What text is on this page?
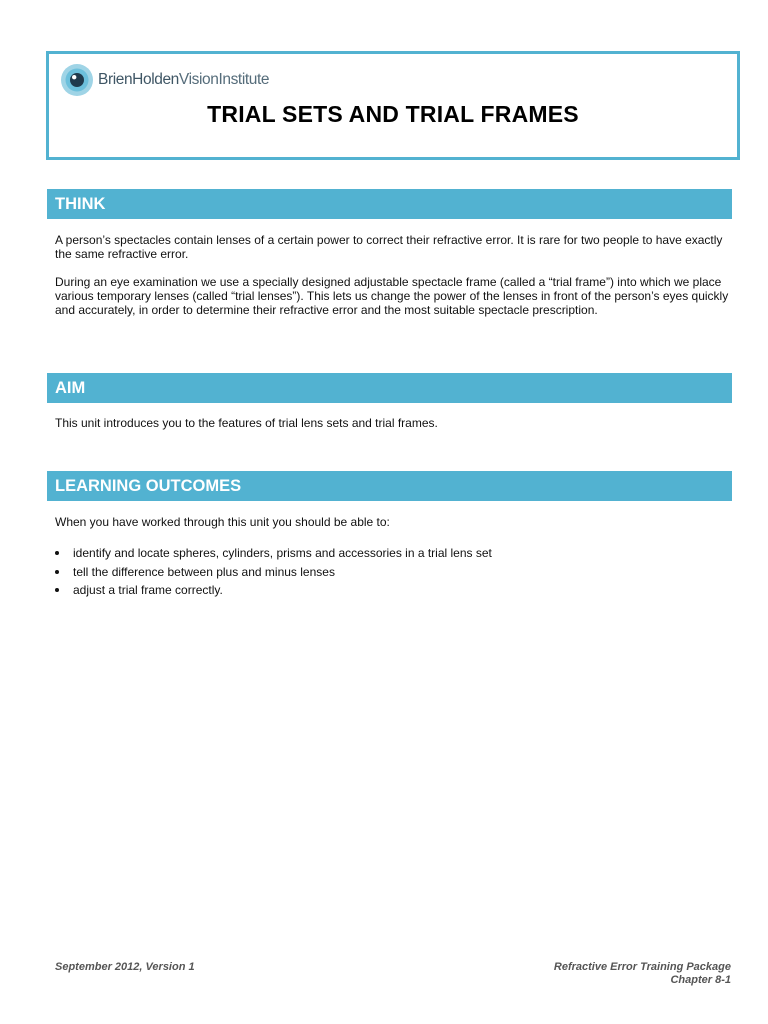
BrienHoldenVisionInstitute
TRIAL SETS AND TRIAL FRAMES
THINK

A person’s spectacles contain lenses of a certain power to correct their refractive error. It is rare for two people to have exactly the same refractive error.

During an eye examination we use a specially designed adjustable spectacle frame (called a “trial frame”) into which we place various temporary lenses (called “trial lenses”). This lets us change the power of the lenses in front of the person’s eyes quickly and accurately, in order to determine their refractive error and the most suitable spectacle prescription.

AIM

This unit introduces you to the features of trial lens sets and trial frames.

LEARNING OUTCOMES

When you have worked through this unit you should be able to:

identify and locate spheres, cylinders, prisms and accessories in a trial lens set
tell the difference between plus and minus lenses
adjust a trial frame correctly.
September 2012, Version 1	Refractive Error Training Package
Chapter 8-1
